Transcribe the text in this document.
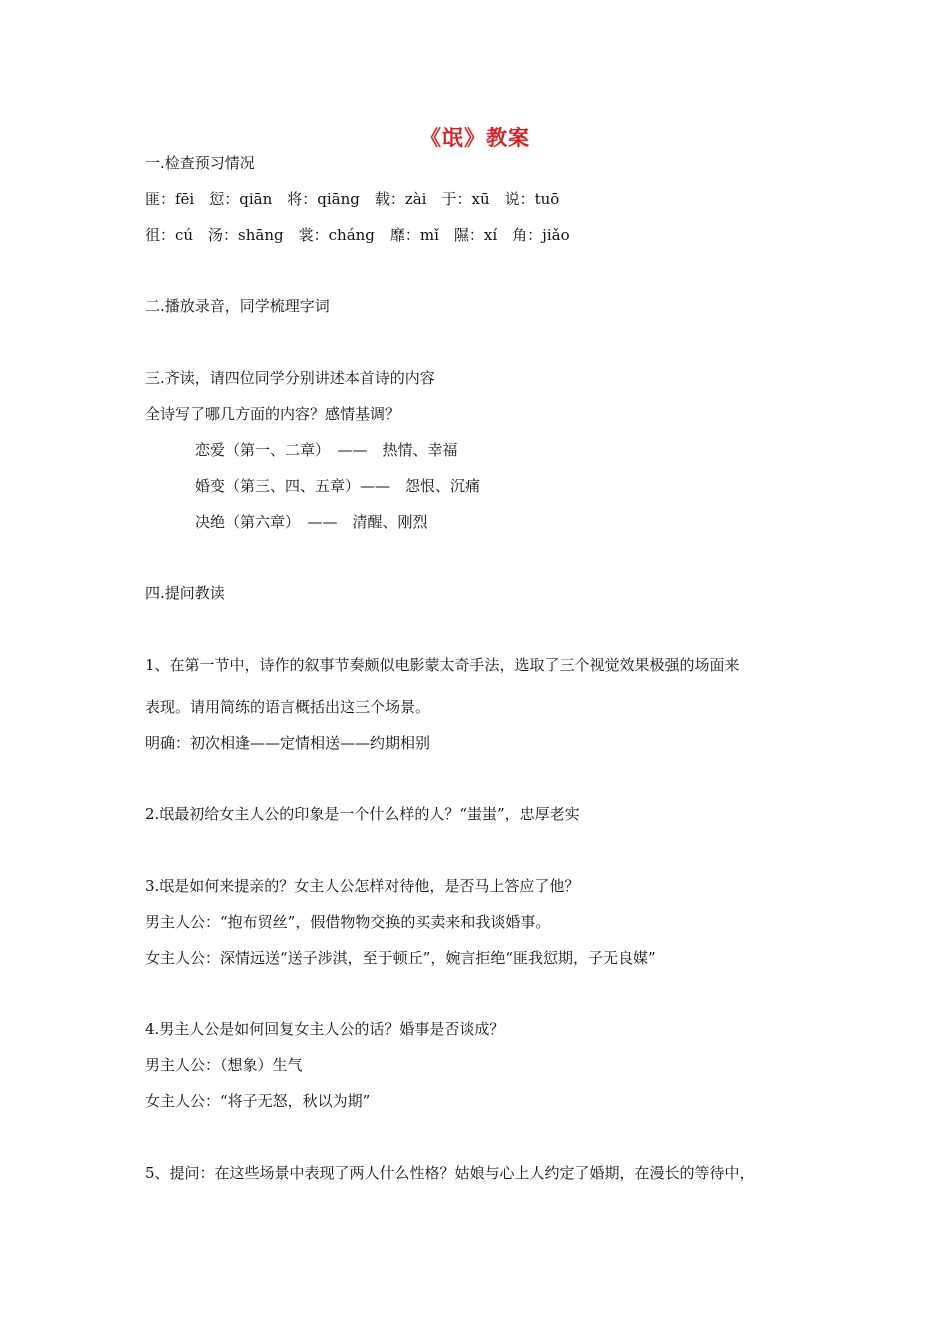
《氓》教案
一.检查预习情况
匪：fēi　愆：qiān　将：qiāng　载：zài　于：xū　说：tuō
徂：cú　汤：shāng　裳：cháng　靡：mǐ　隰：xí　角：jiǎo
二.播放录音，同学梳理字词
三.齐读，请四位同学分别讲述本首诗的内容
全诗写了哪几方面的内容？感情基调？
恋爱（第一、二章）　——　热情、幸福
婚变（第三、四、五章）——　怨恨、沉痛
决绝（第六章）　——　清醒、刚烈
四.提问教读
1、在第一节中，诗作的叙事节奏颇似电影蒙太奇手法，选取了三个视觉效果极强的场面来
表现。请用简练的语言概括出这三个场景。
明确：初次相逢——定情相送——约期相别
2.氓最初给女主人公的印象是一个什么样的人？“蚩蚩”，忠厚老实
3.氓是如何来提亲的？女主人公怎样对待他，是否马上答应了他？
男主人公：“抱布贸丝”，假借物物交换的买卖来和我谈婚事。
女主人公：深情远送“送子涉淇，至于顿丘”，婉言拒绝“匪我愆期，子无良媒”
4.男主人公是如何回复女主人公的话？婚事是否谈成？
男主人公：（想象）生气
女主人公：“将子无怒，秋以为期”
5、提问：在这些场景中表现了两人什么性格？姑娘与心上人约定了婚期，在漫长的等待中，
